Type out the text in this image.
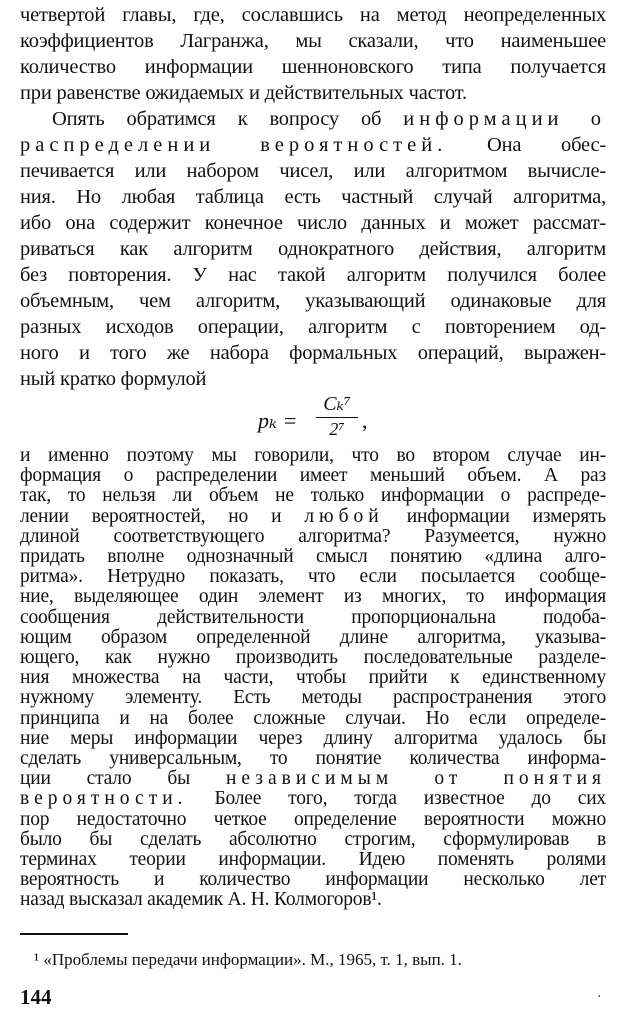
четвертой главы, где, сославшись на метод неопределенных
коэффициентов Лагранжа, мы сказали, что наименьшее
количество информации шенноновского типа получается
при равенстве ожидаемых и действительных частот.
Опять обратимся к вопросу об информации о
распределении вероятностей. Она обес-
печивается или набором чисел, или алгоритмом вычисле-
ния. Но любая таблица есть частный случай алгоритма,
ибо она содержит конечное число данных и может рассмат-
риваться как алгоритм однократного действия, алгоритм
без повторения. У нас такой алгоритм получился более
объемным, чем алгоритм, указывающий одинаковые для
разных исходов операции, алгоритм с повторением од-
ного и того же набора формальных операций, выражен-
pₖ =
Cₖ⁷
2⁷ ,
и именно поэтому мы говорили, что во втором случае ин-
формация о распределении имеет меньший объем. А раз
так, то нельзя ли объем не только информации о распреде-
лении вероятностей, но и любой информации измерять
длиной соответствующего алгоритма? Разумеется, нужно
придать вполне однозначный смысл понятию «длина алго-
ритма». Нетрудно показать, что если посылается сообще-
ние, выделяющее один элемент из многих, то информация
сообщения действительности пропорциональна подоба-
ющим образом определенной длине алгоритма, указыва-
ющего, как нужно производить последовательные разделе-
ния множества на части, чтобы прийти к единственному
нужному элементу. Есть методы распространения этого
принципа и на более сложные случаи. Но если определе-
ние меры информации через длину алгоритма удалось бы
сделать универсальным, то понятие количества информа-
ции стало бы независимым от понятия
вероятности. Более того, тогда известное до сих
пор недостаточно четкое определение вероятности можно
¹ «Проблемы передачи информации». М., 1965, т. 1, вып. 1.
144	·
было бы сделать абсолютно строгим, сформулировав в
терминах теории информации. Идею поменять ролями
вероятность и количество информации несколько лет
назад высказал академик А. Н. Колмогоров¹.
ный кратко формулой
